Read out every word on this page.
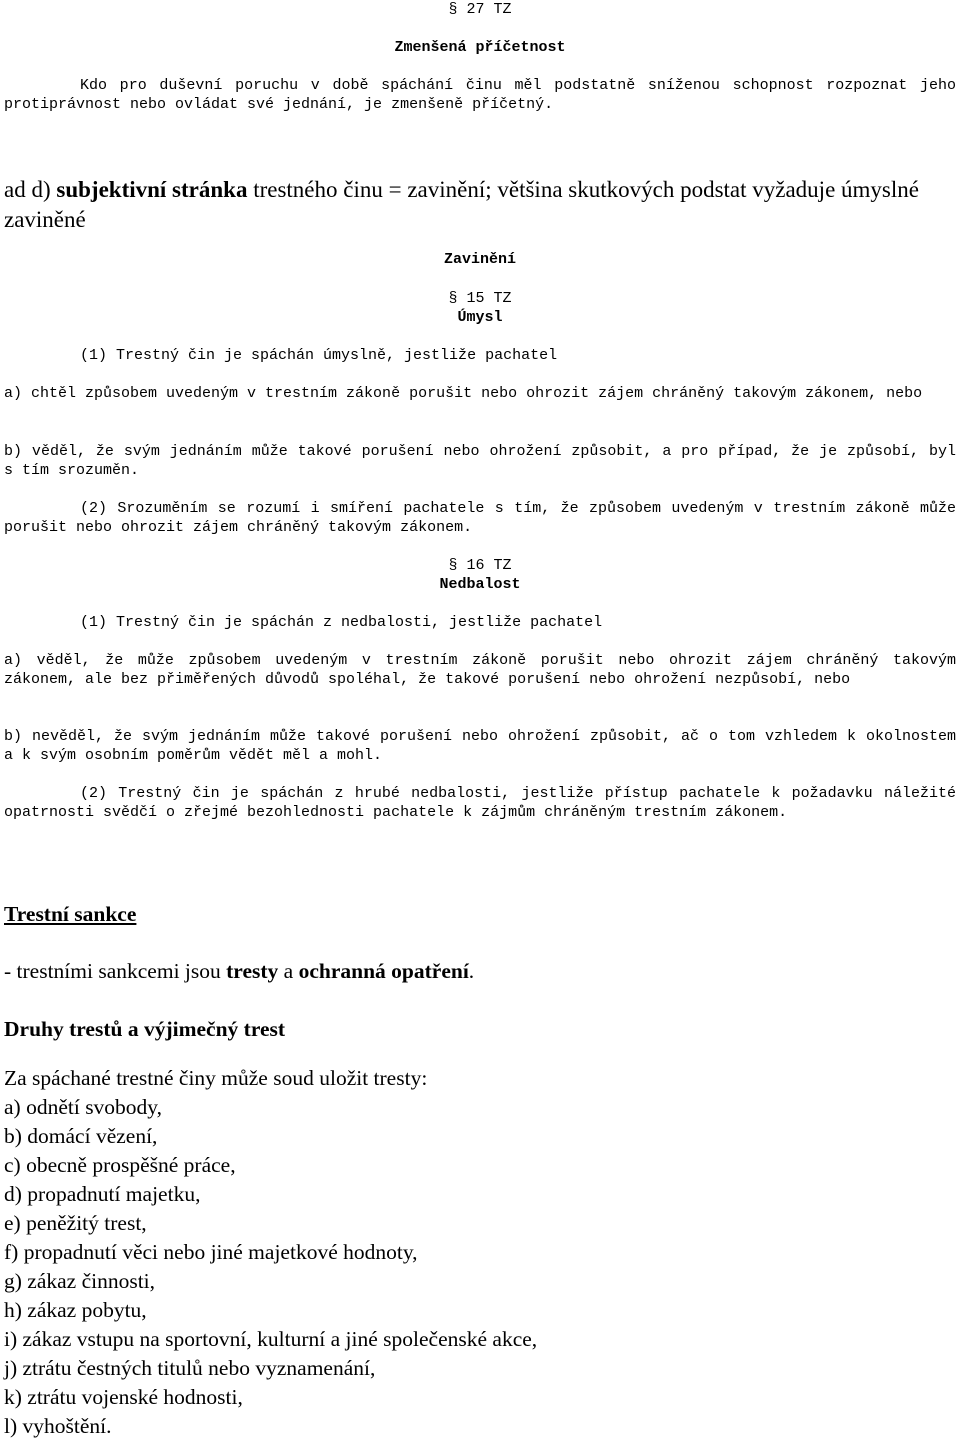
§ 27 TZ
Zmenšená příčetnost
Kdo pro duševní poruchu v době spáchání činu měl podstatně sníženou schopnost rozpoznat jeho protiprávnost nebo ovládat své jednání, je zmenšeně příčetný.
ad d) subjektivní stránka trestného činu = zavinění; většina skutkových podstat vyžaduje úmyslné zaviněné
Zavinění
§ 15 TZ
Úmysl
(1) Trestný čin je spáchán úmyslně, jestliže pachatel
a) chtěl způsobem uvedeným v trestním zákoně porušit nebo ohrozit zájem chráněný takovým zákonem, nebo
b) věděl, že svým jednáním může takové porušení nebo ohrožení způsobit, a pro případ, že je způsobí, byl s tím srozuměn.
(2) Srozuměním se rozumí i smíření pachatele s tím, že způsobem uvedeným v trestním zákoně může porušit nebo ohrozit zájem chráněný takovým zákonem.
§ 16 TZ
Nedbalost
(1) Trestný čin je spáchán z nedbalosti, jestliže pachatel
a) věděl, že může způsobem uvedeným v trestním zákoně porušit nebo ohrozit zájem chráněný takovým zákonem, ale bez přiměřených důvodů spoléhal, že takové porušení nebo ohrožení nezpůsobí, nebo
b) nevěděl, že svým jednáním může takové porušení nebo ohrožení způsobit, ač o tom vzhledem k okolnostem a k svým osobním poměrům vědět měl a mohl.
(2) Trestný čin je spáchán z hrubé nedbalosti, jestliže přístup pachatele k požadavku náležité opatrnosti svědčí o zřejmé bezohlednosti pachatele k zájmům chráněným trestním zákonem.
Trestní sankce
- trestními sankcemi jsou tresty a ochranná opatření.
Druhy trestů a výjimečný trest
Za spáchané trestné činy může soud uložit tresty:
a) odnětí svobody,
b) domácí vězení,
c) obecně prospěšné práce,
d) propadnutí majetku,
e) peněžitý trest,
f) propadnutí věci nebo jiné majetkové hodnoty,
g) zákaz činnosti,
h) zákaz pobytu,
i) zákaz vstupu na sportovní, kulturní a jiné společenské akce,
j) ztrátu čestných titulů nebo vyznamenání,
k) ztrátu vojenské hodnosti,
l) vyhoštění.
